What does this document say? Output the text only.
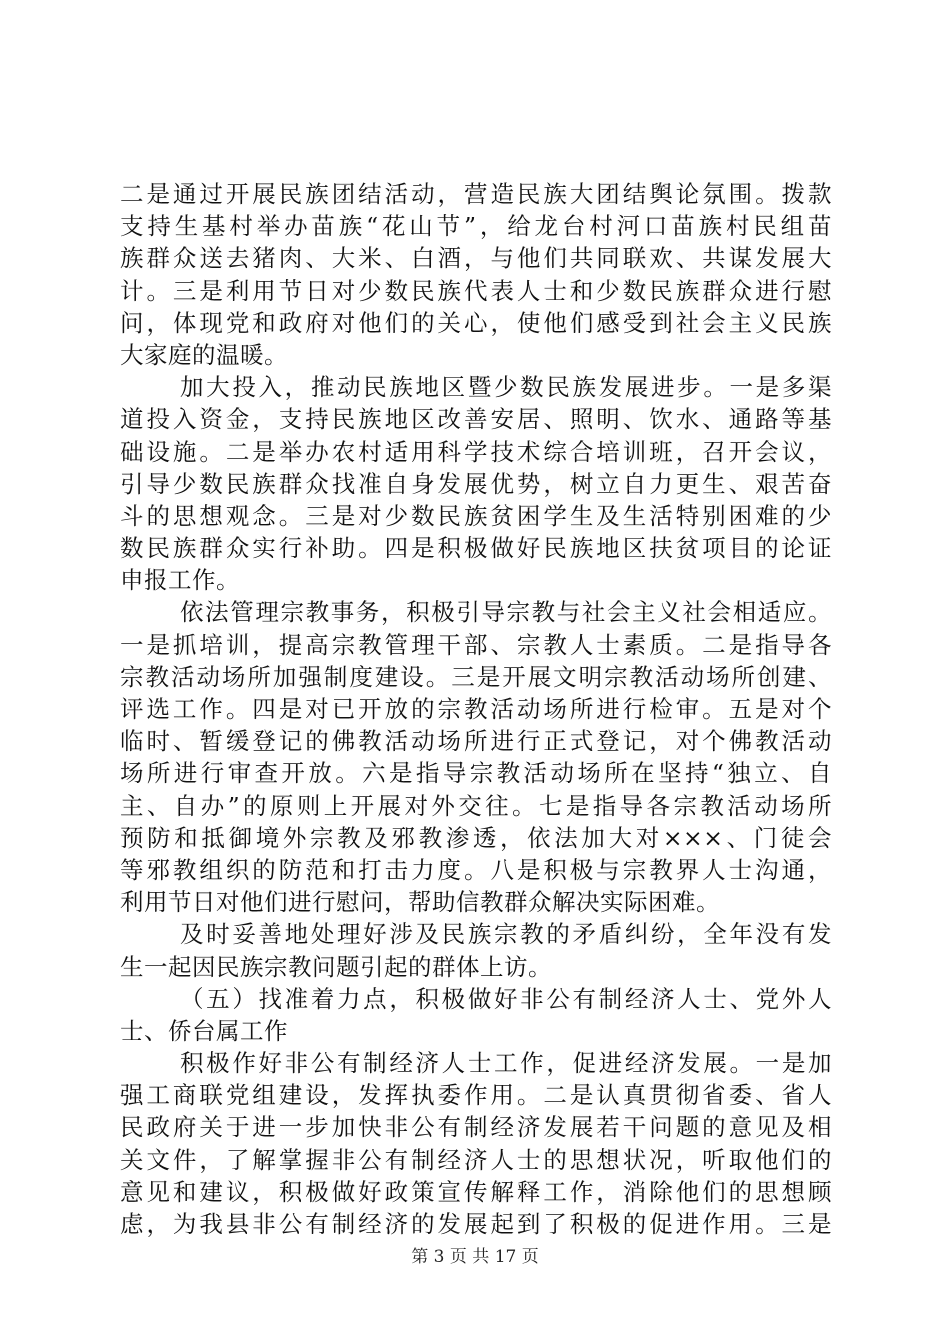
二是通过开展民族团结活动，营造民族大团结舆论氛围。拨款
支持生基村举办苗族“花山节”，给龙台村河口苗族村民组苗
族群众送去猪肉、大米、白酒，与他们共同联欢、共谋发展大
计。三是利用节日对少数民族代表人士和少数民族群众进行慰
问，体现党和政府对他们的关心，使他们感受到社会主义民族
大家庭的温暖。
加大投入，推动民族地区暨少数民族发展进步。一是多渠
道投入资金，支持民族地区改善安居、照明、饮水、通路等基
础设施。二是举办农村适用科学技术综合培训班，召开会议，
引导少数民族群众找准自身发展优势，树立自力更生、艰苦奋
斗的思想观念。三是对少数民族贫困学生及生活特别困难的少
数民族群众实行补助。四是积极做好民族地区扶贫项目的论证
申报工作。
依法管理宗教事务，积极引导宗教与社会主义社会相适应。
一是抓培训，提高宗教管理干部、宗教人士素质。二是指导各
宗教活动场所加强制度建设。三是开展文明宗教活动场所创建、
评选工作。四是对已开放的宗教活动场所进行检审。五是对个
临时、暂缓登记的佛教活动场所进行正式登记，对个佛教活动
场所进行审查开放。六是指导宗教活动场所在坚持“独立、自
主、自办”的原则上开展对外交往。七是指导各宗教活动场所
预防和抵御境外宗教及邪教渗透，依法加大对×××、门徒会
等邪教组织的防范和打击力度。八是积极与宗教界人士沟通，
利用节日对他们进行慰问，帮助信教群众解决实际困难。
及时妥善地处理好涉及民族宗教的矛盾纠纷，全年没有发
生一起因民族宗教问题引起的群体上访。
（五）找准着力点，积极做好非公有制经济人士、党外人
士、侨台属工作
积极作好非公有制经济人士工作，促进经济发展。一是加
强工商联党组建设，发挥执委作用。二是认真贯彻省委、省人
民政府关于进一步加快非公有制经济发展若干问题的意见及相
关文件，了解掌握非公有制经济人士的思想状况，听取他们的
意见和建议，积极做好政策宣传解释工作，消除他们的思想顾
虑，为我县非公有制经济的发展起到了积极的促进作用。三是
第 3 页 共 17 页
